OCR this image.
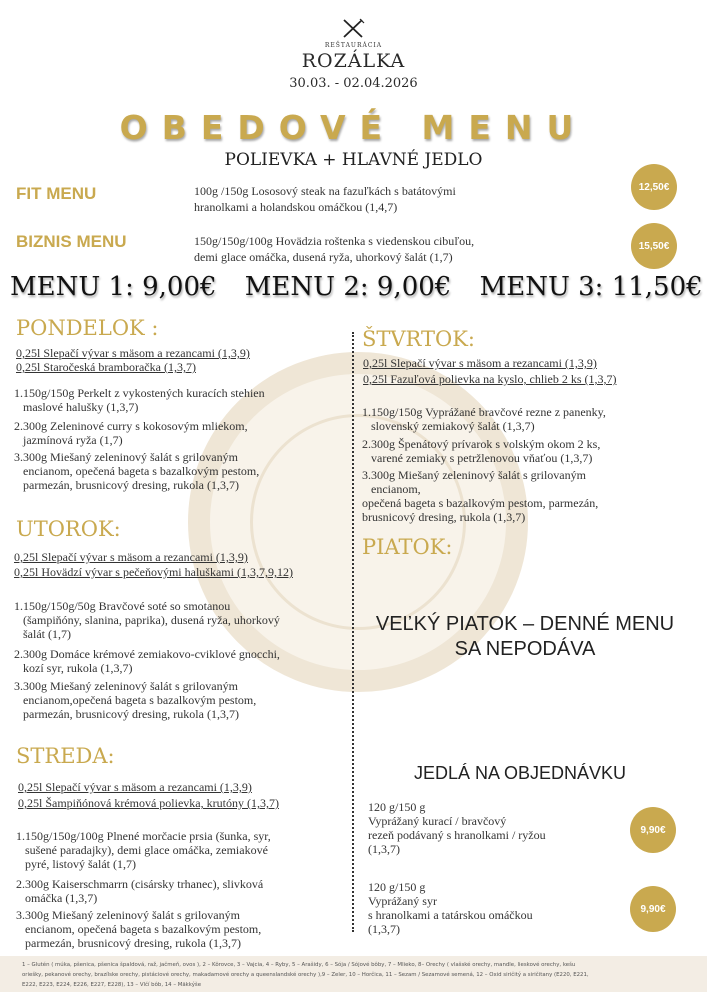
REŠTAURÁCIA
ROZÁLKA
30.03. - 02.04.2026
OBEDOVÉ MENU
POLIEVKA + HLAVNÉ JEDLO
FIT MENU	100g /150g Lososový steak na fazuľkách s batátovými
hranolkami a holandskou omáčkou (1,4,7)
12,50€
BIZNIS MENU	150g/150g/100g Hovädzia roštenka s viedenskou cibuľou,
demi glace omáčka, dusená ryža, uhorkový šalát (1,7)
15,50€
MENU 1: 9,00€ MENU 2: 9,00€ MENU 3: 11,50€
PONDELOK :
0,25l Slepačí vývar s mäsom a rezancami (1,3,9)
0,25l Staročeská bramboračka (1,3,7)
1.150g/150g Perkelt z vykostených kuracích stehien
maslové halušky (1,3,7)
2.300g Zeleninové curry s kokosovým mliekom,
jazmínová ryža (1,7)
3.300g Miešaný zeleninový šalát s grilovaným
encianom, opečená bageta s bazalkovým pestom,
parmezán, brusnicový dresing, rukola (1,3,7)
UTOROK:
0,25l Slepačí vývar s mäsom a rezancami (1,3,9)
0,25l Hovädzí vývar s pečeňovými haluškami (1,3,7,9,12)
1.150g/150g/50g Bravčové soté so smotanou
(šampiňóny, slanina, paprika), dusená ryža, uhorkový
šalát (1,7)
2.300g Domáce krémové zemiakovo-cviklové gnocchi,
kozí syr, rukola (1,3,7)
3.300g Miešaný zeleninový šalát s grilovaným
encianom,opečená bageta s bazalkovým pestom,
parmezán, brusnicový dresing, rukola (1,3,7)
STREDA:
0,25l Slepačí vývar s mäsom a rezancami (1,3,9)
0,25l Šampiňónová krémová polievka, krutóny (1,3,7)
1.150g/150g/100g Plnené morčacie prsia (šunka, syr,
sušené paradajky), demi glace omáčka, zemiakové
pyré, listový šalát (1,7)
2.300g Kaiserschmarrn (cisársky trhanec), slivková
omáčka (1,3,7)
3.300g Miešaný zeleninový šalát s grilovaným
encianom, opečená bageta s bazalkovým pestom,
parmezán, brusnicový dresing, rukola (1,3,7)
ŠTVRTOK:
0,25l Slepačí vývar s mäsom a rezancami (1,3,9)
0,25l Fazuľová polievka na kyslo, chlieb 2 ks (1,3,7)
1.150g/150g Vyprážané bravčové rezne z panenky,
slovenský zemiakový šalát (1,3,7)
2.300g Špenátový prívarok s volským okom 2 ks,
varené zemiaky s petržlenovou vňaťou (1,3,7)
3.300g Miešaný zeleninový šalát s grilovaným
encianom,
opečená bageta s bazalkovým pestom, parmezán,
brusnicový dresing, rukola (1,3,7)
PIATOK:
VEĽKÝ PIATOK – DENNÉ MENU
SA NEPODÁVA
JEDLÁ NA OBJEDNÁVKU
120 g/150 g
Vyprážaný kurací / bravčový
rezeň podávaný s hranolkami / ryžou
(1,3,7)
9,90€
120 g/150 g
Vyprážaný syr
s hranolkami a tatárskou omáčkou
(1,3,7)
9,90€
1 – Glutén ( múka, pšenica, pšenica špaldová, raž, jačmeň, ovos ), 2 – Kôrovce, 3 – Vajcia, 4 – Ryby, 5 – Arašidy, 6 – Sója / Sójové bôby, 7 – Mlieko, 8– Orechy ( vlašské orechy, mandle, lieskové orechy, kešu
oriešky, pekanové orechy, brazílske orechy, pistáciové orechy, makadamové orechy a queenslandské orechy ),9 – Zeler, 10 – Horčica, 11 – Sezam / Sezamové semená, 12 – Oxid siričitý a siričitany (E220, E221,
E222, E223, E224, E226, E227, E228), 13 – Vlčí bôb, 14 – Mäkkýše
